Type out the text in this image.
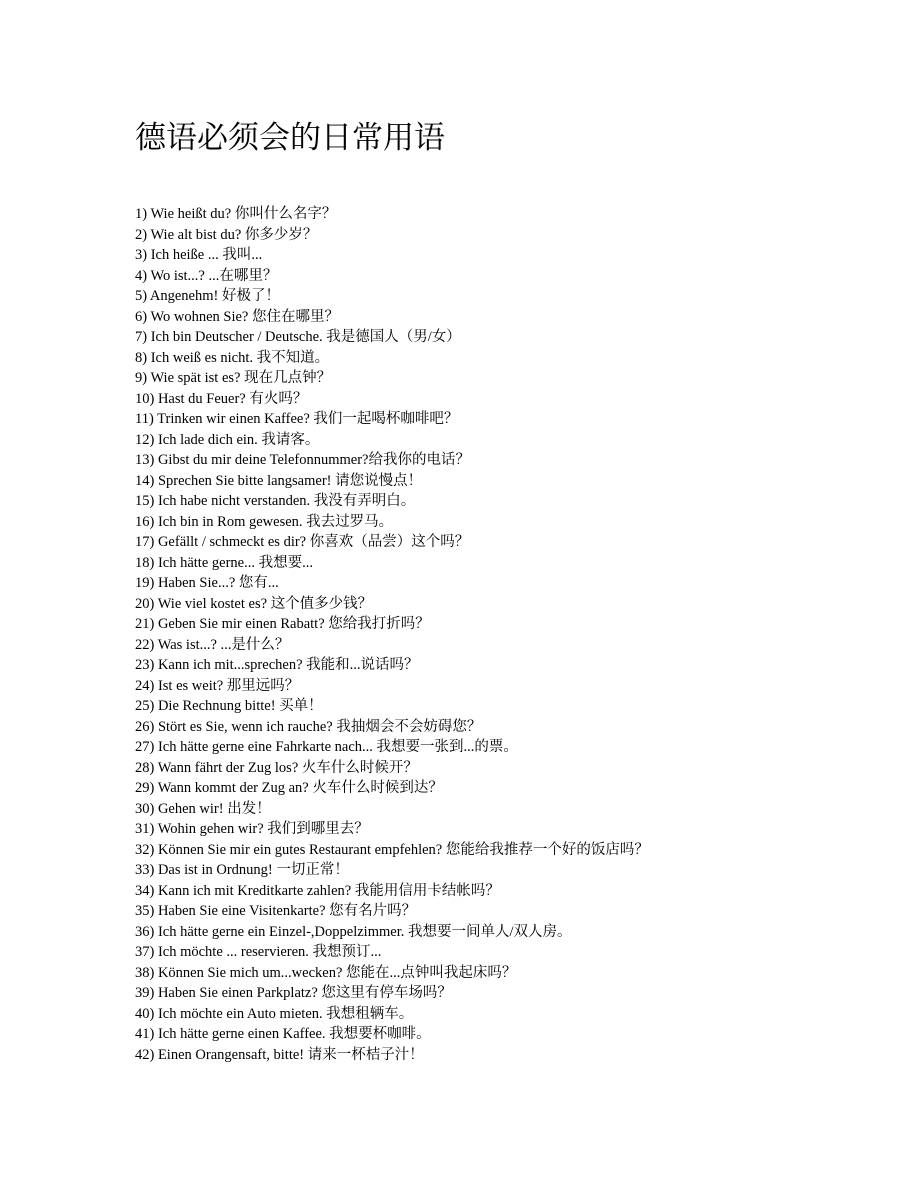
德语必须会的日常用语
1) Wie heißt du? 你叫什么名字？
2) Wie alt bist du? 你多少岁？
3) Ich heiße ... 我叫...
4) Wo ist...? ...在哪里？
5) Angenehm! 好极了！
6) Wo wohnen Sie? 您住在哪里？
7) Ich bin Deutscher / Deutsche. 我是德国人（男/女）
8) Ich weiß es nicht. 我不知道。
9) Wie spät ist es? 现在几点钟？
10) Hast du Feuer? 有火吗？
11) Trinken wir einen Kaffee? 我们一起喝杯咖啡吧？
12) Ich lade dich ein. 我请客。
13) Gibst du mir deine Telefonnummer?给我你的电话？
14) Sprechen Sie bitte langsamer! 请您说慢点！
15) Ich habe nicht verstanden. 我没有弄明白。
16) Ich bin in Rom gewesen. 我去过罗马。
17) Gefällt / schmeckt es dir? 你喜欢（品尝）这个吗？
18) Ich hätte gerne... 我想要...
19) Haben Sie...? 您有...
20) Wie viel kostet es? 这个值多少钱？
21) Geben Sie mir einen Rabatt? 您给我打折吗？
22) Was ist...? ...是什么？
23) Kann ich mit...sprechen? 我能和...说话吗？
24) Ist es weit? 那里远吗？
25) Die Rechnung bitte! 买单！
26) Stört es Sie, wenn ich rauche? 我抽烟会不会妨碍您？
27) Ich hätte gerne eine Fahrkarte nach... 我想要一张到...的票。
28) Wann fährt der Zug los? 火车什么时候开？
29) Wann kommt der Zug an? 火车什么时候到达？
30) Gehen wir! 出发！
31) Wohin gehen wir? 我们到哪里去？
32) Können Sie mir ein gutes Restaurant empfehlen? 您能给我推荐一个好的饭店吗？
33) Das ist in Ordnung! 一切正常！
34) Kann ich mit Kreditkarte zahlen? 我能用信用卡结帐吗？
35) Haben Sie eine Visitenkarte? 您有名片吗？
36) Ich hätte gerne ein Einzel-,Doppelzimmer. 我想要一间单人/双人房。
37) Ich möchte ... reservieren. 我想预订...
38) Können Sie mich um...wecken? 您能在...点钟叫我起床吗？
39) Haben Sie einen Parkplatz? 您这里有停车场吗？
40) Ich möchte ein Auto mieten. 我想租辆车。
41) Ich hätte gerne einen Kaffee. 我想要杯咖啡。
42) Einen Orangensaft, bitte! 请来一杯桔子汁！
